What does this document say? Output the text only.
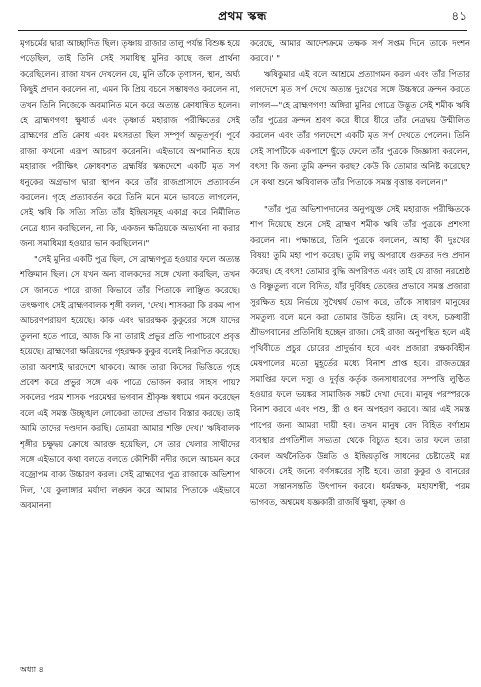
প্রথম স্কন্ধ	৪১

মৃগচর্মের দ্বারা আচ্ছাদিত ছিল। তৃষ্ণায় রাজার তালু পর্যন্ত বিশুষ্ক হয়ে পড়েছিল, তাই তিনি সেই সমাধিস্থ মুনির কাছে জল প্রার্থনা করেছিলেন। রাজা যখন দেখলেন যে, মুনি তাঁকে তৃণাসন, স্থান, অর্ঘ্য কিছুই প্রদান করলেন না, এমন কি প্রিয় বচনে সম্ভাষণও করলেন না, তখন তিনি নিজেকে অবমানিত মনে করে অত্যন্ত ক্রোধান্বিত হলেন। হে ব্রাহ্মণগণ! ক্ষুধার্ত এবং তৃষ্ণার্ত মহারাজ পরীক্ষিতের সেই ব্রাহ্মণের প্রতি ক্রোধ এবং মৎসরতা ছিল সম্পূর্ণ অভূতপূর্ব। পূর্বে রাজা কখনো এরূপ আচরণ করেননি। এইভাবে অপমানিত হয়ে মহারাজ পরীক্ষিৎ ক্রোধবশত ব্রহ্মর্ষির স্কন্ধদেশে একটি মৃত সর্প ধনুকের অগ্রভাগ দ্বারা স্থাপন করে তাঁর রাজপ্রাসাদে প্রত্যাবর্তন করলেন। গৃহে প্রত্যাবর্তন করে তিনি মনে মনে ভাবতে লাগলেন, সেই ঋষি কি সত্যি সত্যি তাঁর ইন্দ্রিয়সমূহ একাগ্র করে নির্মীলিত নেত্রে ধ্যান করছিলেন, না কি, একজন ক্ষত্রিয়কে অভ্যর্থনা না করার জন্য সমাধিমগ্ন হওয়ার ভান করছিলেন।"

"সেই মুনির একটি পুত্র ছিল, সে ব্রাহ্মণপুত্র হওয়ার ফলে অত্যন্ত শক্তিমান ছিল। সে যখন অন্য বালকদের সঙ্গে খেলা করছিল, তখন সে জানতে পারে রাজা কিভাবে তাঁর পিতাকে লাঞ্ছিত করেছে। তৎক্ষণাৎ সেই ব্রাহ্মণবালক শৃঙ্গী বলল, 'দেখ। শাসকরা কি রকম পাপ আচরণপরায়ণ হয়েছে। কাক এবং দ্বাররক্ষক কুকুরের সঙ্গে যাদের তুলনা হতে পারে, আজ কি না তারাই প্রভুর প্রতি পাপাচরণে প্রবৃত্ত হয়েছে। ব্রাহ্মণেরা ক্ষত্রিয়দের গৃহরক্ষক কুকুর বলেই নিরূপিত করেছে। তারা অবশ্যই দ্বারদেশে থাকবে। আজ তারা কিসের ভিত্তিতে গৃহে প্রবেশ করে প্রভুর সঙ্গে এক পাত্রে ভোজন করার সাহস পায়? সকলের পরম শাসক পরমেশ্বর ভগবান শ্রীকৃষ্ণ স্বধামে গমন করেছেন বলে এই সমস্ত উচ্ছৃঙ্খল লোকেরা তাদের প্রভাব বিস্তার করছে। তাই আমি তাদের দণ্ডদান করছি। তোমরা আমার শক্তি দেখ।' ঋষিবালক শৃঙ্গীর চক্ষুদ্বয় ক্রোধে আরক্ত হয়েছিল, সে তার খেলার সাথীদের সঙ্গে এইভাবে কথা বলতে বলতে কৌশিকী নদীর জলে আচমন করে বজ্রোপম বাক্য উচ্চারণ করল। সেই ব্রাহ্মণের পুত্র রাজাকে অভিশাপ দিল, 'যে কুলাঙ্গার মর্যাদা লঙ্ঘন করে আমার পিতাকে এইভাবে অবমাননা

করেছে, আমার আদেশক্রমে তক্ষক সর্প সপ্তম দিনে তাকে দংশন করবে।' "

ঋষিকুমার এই বলে আশ্রমে প্রত্যাগমন করল এবং তাঁর পিতার গলদেশে মৃত সর্প দেখে অত্যন্ত দুঃখের সঙ্গে উচ্চস্বরে ক্রন্দন করতে লাগল—"হে ব্রাহ্মণগণ! অঙ্গিরা মুনির গোত্রে উদ্ভূত সেই শমীক ঋষি তাঁর পুত্রের ক্রন্দন শ্রবণ করে ধীরে ধীরে তাঁর নেত্রদ্বয় উন্মীলিত করলেন এবং তাঁর গলদেশে একটি মৃত সর্প দেখতে পেলেন। তিনি সেই সাপটিকে একপাশে ছুঁড়ে ফেলে তাঁর পুত্রকে জিজ্ঞাসা করলেন, বৎস! কি জন্য তুমি ক্রন্দন করছ? কেউ কি তোমার অনিষ্ট করেছে? সে কথা শুনে ঋষিবালক তাঁর পিতাকে সমস্ত বৃত্তান্ত বললেন।"

"তাঁর পুত্র অভিশাপদানের অনুপযুক্ত সেই মহারাজ পরীক্ষিতকে শাপ দিয়েছে শুনে সেই ব্রাহ্মণ শমীক ঋষি তাঁর পুত্রকে প্রশংসা করলেন না। পক্ষান্তরে, তিনি পুত্রকে বললেন, আহা কী দুঃখের বিষয়! তুমি মহা পাপ করেছ। তুমি লঘু অপরাধে গুরুতর দণ্ড প্রদান করেছ। হে বৎস! তোমার বুদ্ধি অপরিণত এবং তাই যে রাজা নরশ্রেষ্ঠ ও বিষ্ণুতুল্য বলে বিদিত, যাঁর দুর্বিষহ তেজের প্রভাবে সমস্ত প্রজারা সুরক্ষিত হয়ে নির্ভয়ে সুখৈশ্বর্য ভোগ করে, তাঁকে সাধারণ মানুষের সমতুল্য বলে মনে করা তোমার উচিত হয়নি। হে বৎস, চক্রধারী শ্রীভগবানের প্রতিনিধি হচ্ছেন রাজা। সেই রাজা অনুপস্থিত হলে এই পৃথিবীতে প্রচুর চোরের প্রাদুর্ভাব হবে এবং প্রজারা রক্ষকবিহীন মেষপালের মতো মুহূর্তের মধ্যে বিনাশ প্রাপ্ত হবে। রাজতন্ত্রের সমাপ্তির ফলে দস্যু ও দুর্বৃত্ত কর্তৃক জনসাধারণের সম্পত্তি লুণ্ঠিত হওয়ার ফলে ভয়ঙ্কর সামাজিক সঙ্কট দেখা দেবে। মানুষ পরস্পরকে বিনাশ করবে এবং পশু, স্ত্রী ও ধন অপহরণ করবে। আর এই সমস্ত পাপের জন্য আমরা দায়ী হব। তখন মানুষ বেদ বিহিত বর্ণাশ্রম ব্যবস্থার প্রগতিশীল সভ্যতা থেকে বিচ্যুত হবে। তার ফলে তারা কেবল অর্থনৈতিক উন্নতি ও ইন্দ্রিয়তৃপ্তি সাধনের চেষ্টাতেই মগ্ন থাকবে। সেই জন্যে বর্ণসঙ্করের সৃষ্টি হবে। তারা কুকুর ও বানরের মতো সন্তানসন্ততি উৎপাদন করবে। ধর্মরক্ষক, মহাযশস্বী, পরম ভাগবত, অশ্বমেধ যজ্ঞকারী রাজর্ষি ক্ষুধা, তৃষ্ণা ও

অধ্যা ৪
